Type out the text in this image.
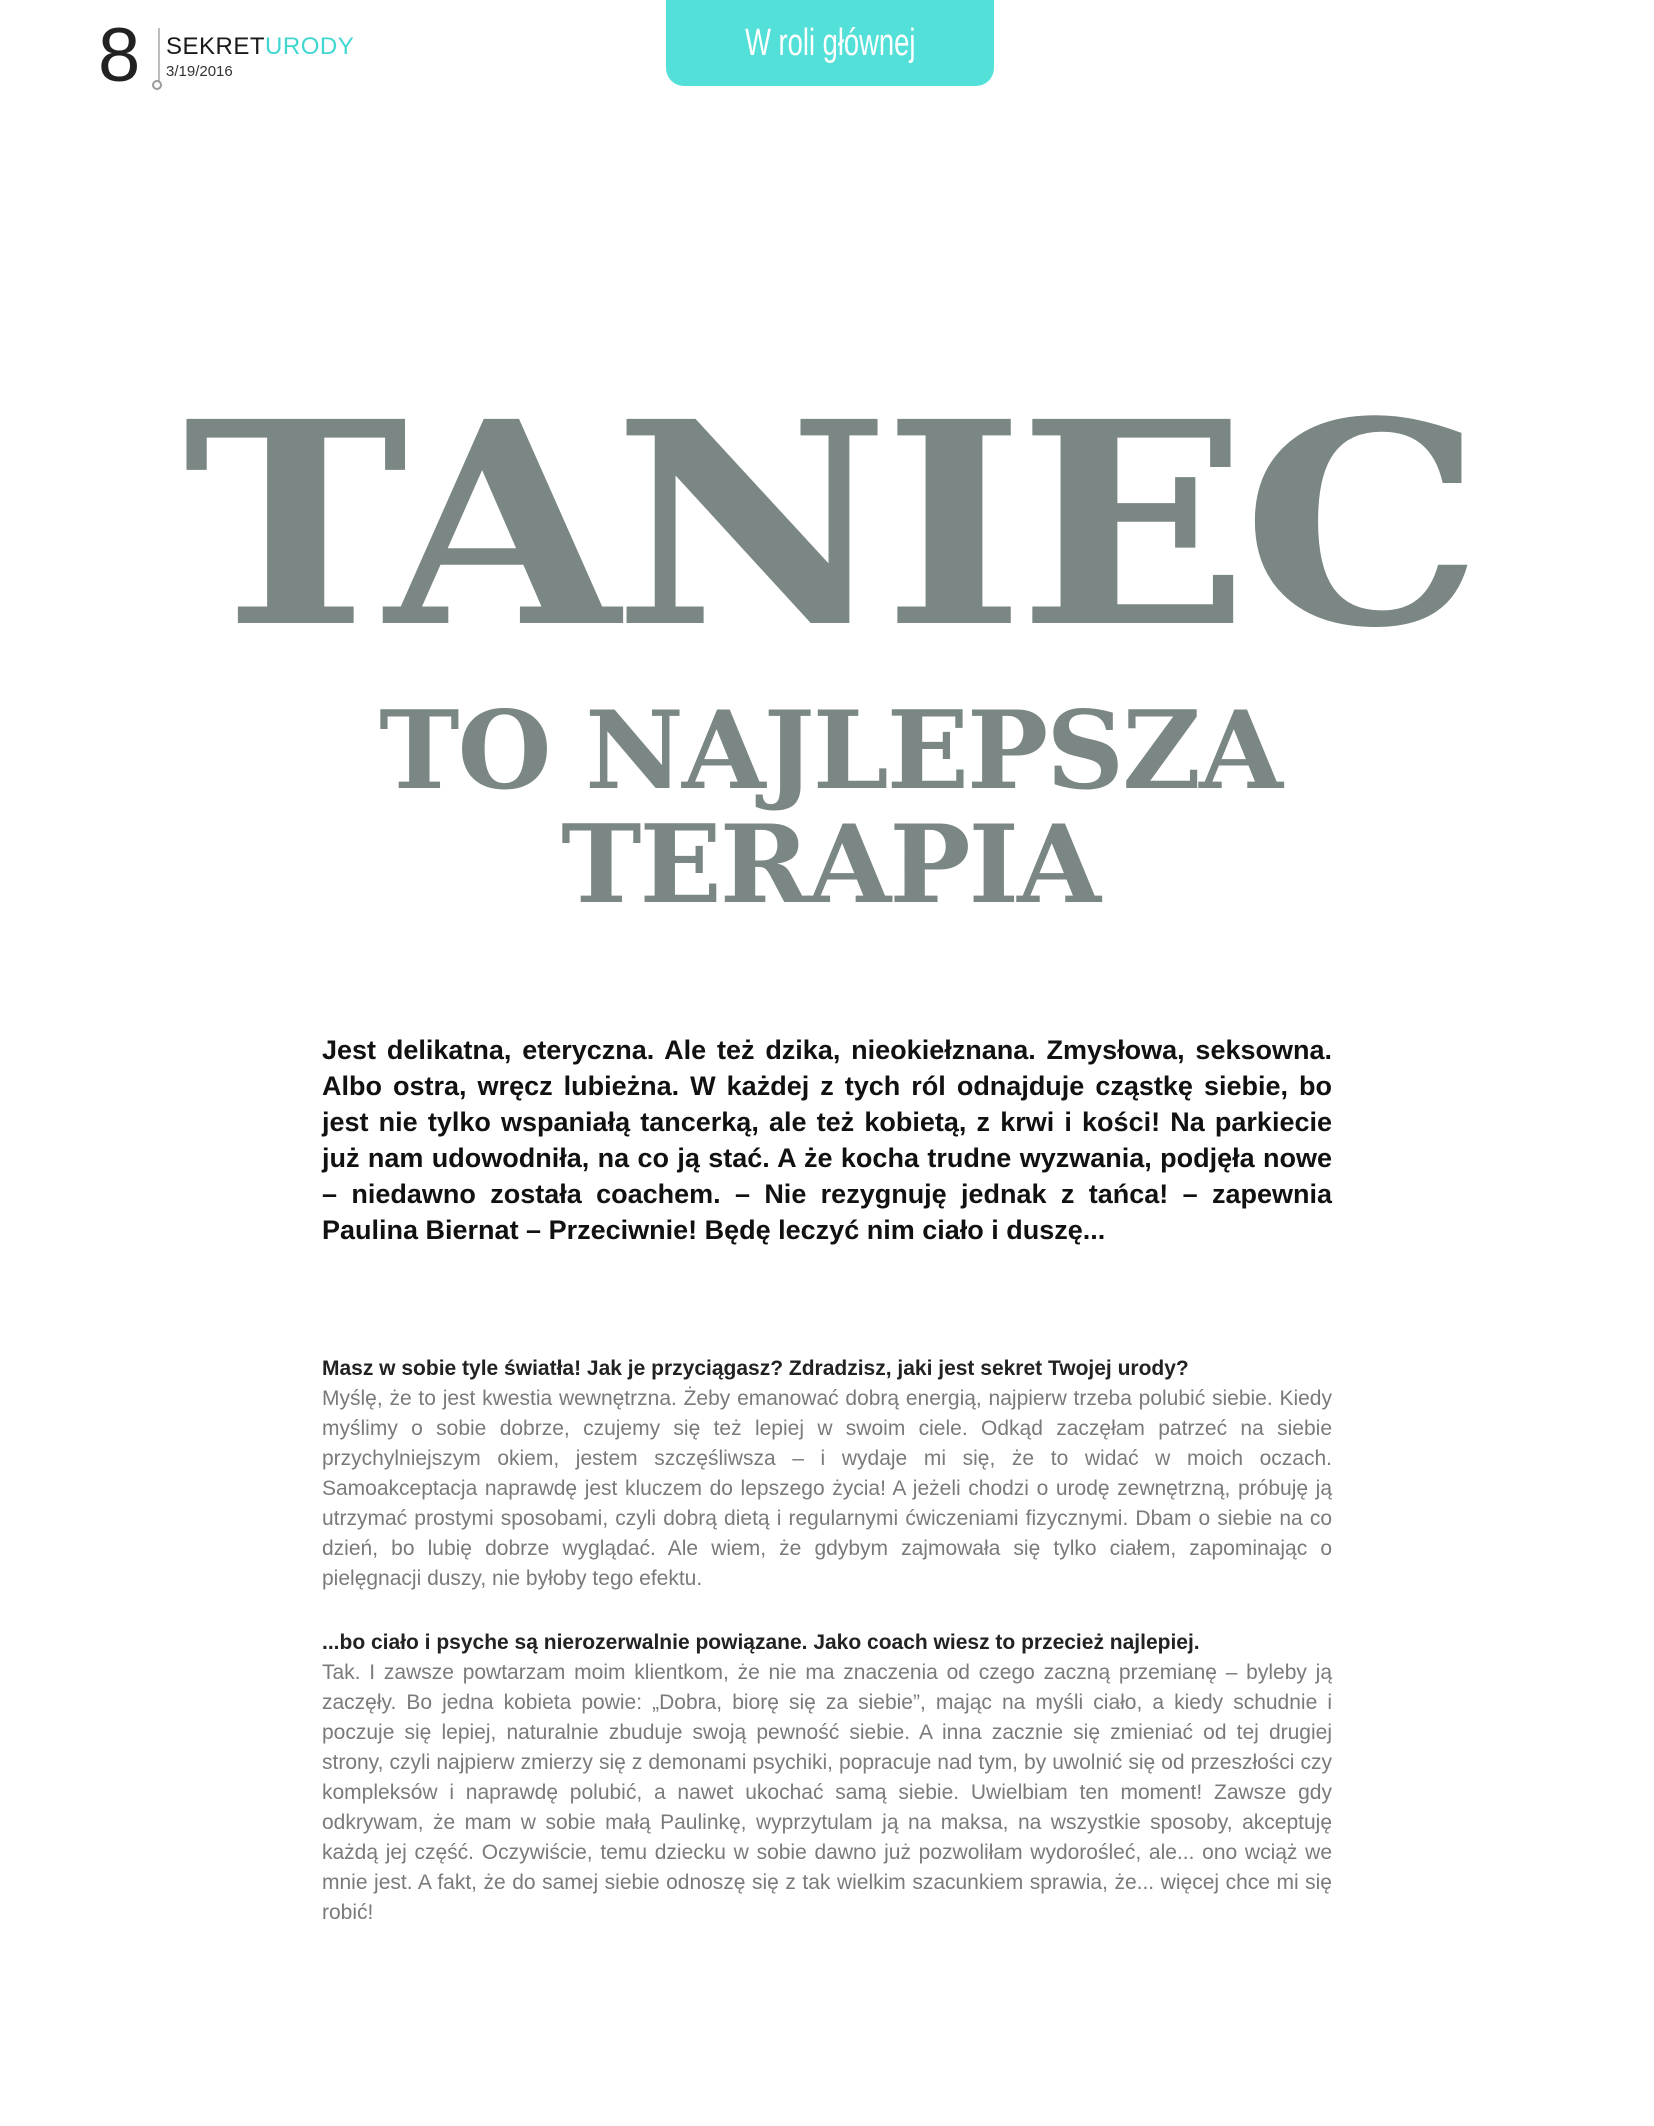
8 SEKRETURODY
3/19/2016
W roli głównej
TANIEC
TO NAJLEPSZA
TERAPIA

Jest delikatna, eteryczna. Ale też dzika, nieokiełznana. Zmysłowa, seksowna. Albo ostra, wręcz lubieżna. W każdej z tych ról odnajduje cząstkę siebie, bo jest nie tylko wspaniałą tancerką, ale też kobietą, z krwi i kości! Na parkiecie już nam udowodniła, na co ją stać. A że kocha trudne wyzwania, podjęła nowe – niedawno została coachem. – Nie rezygnuję jednak z tańca! – zapewnia Paulina Biernat – Przeciwnie! Będę leczyć nim ciało i duszę...

Masz w sobie tyle światła! Jak je przyciągasz? Zdradzisz, jaki jest sekret Twojej urody?

Myślę, że to jest kwestia wewnętrzna. Żeby emanować dobrą energią, najpierw trzeba polubić siebie. Kiedy myślimy o sobie dobrze, czujemy się też lepiej w swoim ciele. Odkąd zaczęłam patrzeć na siebie przychylniejszym okiem, jestem szczęśliwsza – i wydaje mi się, że to widać w moich oczach. Samoakceptacja naprawdę jest kluczem do lepszego życia! A jeżeli chodzi o urodę zewnętrzną, próbuję ją utrzymać prostymi sposobami, czyli dobrą dietą i regularnymi ćwiczeniami fizycznymi. Dbam o siebie na co dzień, bo lubię dobrze wyglądać. Ale wiem, że gdybym zajmowała się tylko ciałem, zapominając o pielęgnacji duszy, nie byłoby tego efektu.

...bo ciało i psyche są nierozerwalnie powiązane. Jako coach wiesz to przecież najlepiej.

Tak. I zawsze powtarzam moim klientkom, że nie ma znaczenia od czego zaczną przemianę – byleby ją zaczęły. Bo jedna kobieta powie: „Dobra, biorę się za siebie”, mając na myśli ciało, a kiedy schudnie i poczuje się lepiej, naturalnie zbuduje swoją pewność siebie. A inna zacznie się zmieniać od tej drugiej strony, czyli najpierw zmierzy się z demonami psychiki, popracuje nad tym, by uwolnić się od przeszłości czy kompleksów i naprawdę polubić, a nawet ukochać samą siebie. Uwielbiam ten moment! Zawsze gdy odkrywam, że mam w sobie małą Paulinkę, wyprzytulam ją na maksa, na wszystkie sposoby, akceptuję każdą jej część. Oczywiście, temu dziecku w sobie dawno już pozwoliłam wydorośleć, ale... ono wciąż we mnie jest. A fakt, że do samej siebie odnoszę się z tak wielkim szacunkiem sprawia, że... więcej chce mi się robić!
